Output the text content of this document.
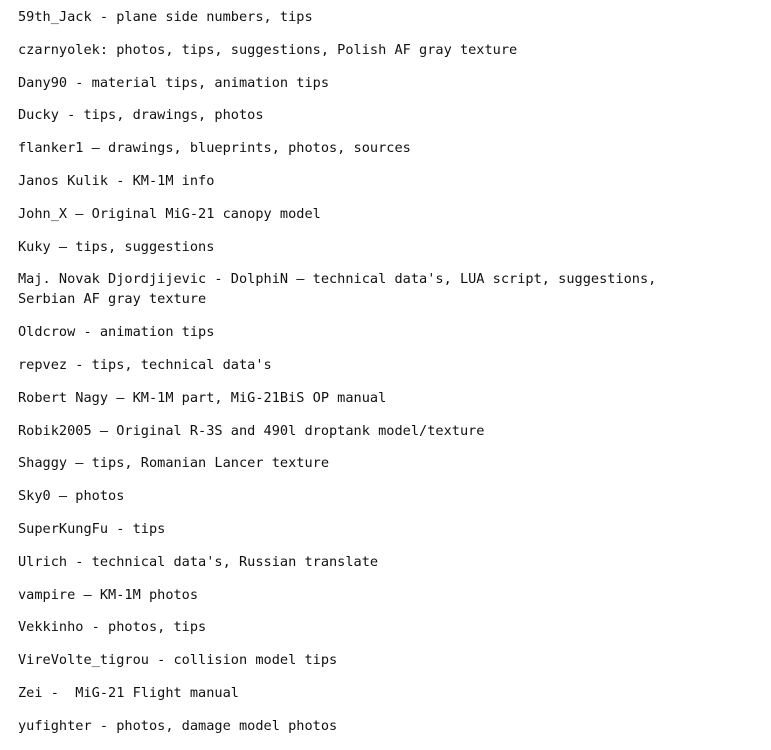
59th_Jack - plane side numbers, tips
czarnyolek: photos, tips, suggestions, Polish AF gray texture
Dany90 - material tips, animation tips
Ducky - tips, drawings, photos
flanker1 – drawings, blueprints, photos, sources
Janos Kulik - KM-1M info
John_X – Original MiG-21 canopy model
Kuky – tips, suggestions
Maj. Novak Djordjijevic - DolphiN – technical data's, LUA script, suggestions, Serbian AF gray texture
Oldcrow - animation tips
repvez - tips, technical data's
Robert Nagy – KM-1M part, MiG-21BiS OP manual
Robik2005 – Original R-3S and 490l droptank model/texture
Shaggy – tips, Romanian Lancer texture
Sky0 – photos
SuperKungFu - tips
Ulrich - technical data's, Russian translate
vampire – KM-1M photos
Vekkinho - photos, tips
VireVolte_tigrou - collision model tips
Zei -  MiG-21 Flight manual
yufighter - photos, damage model photos
